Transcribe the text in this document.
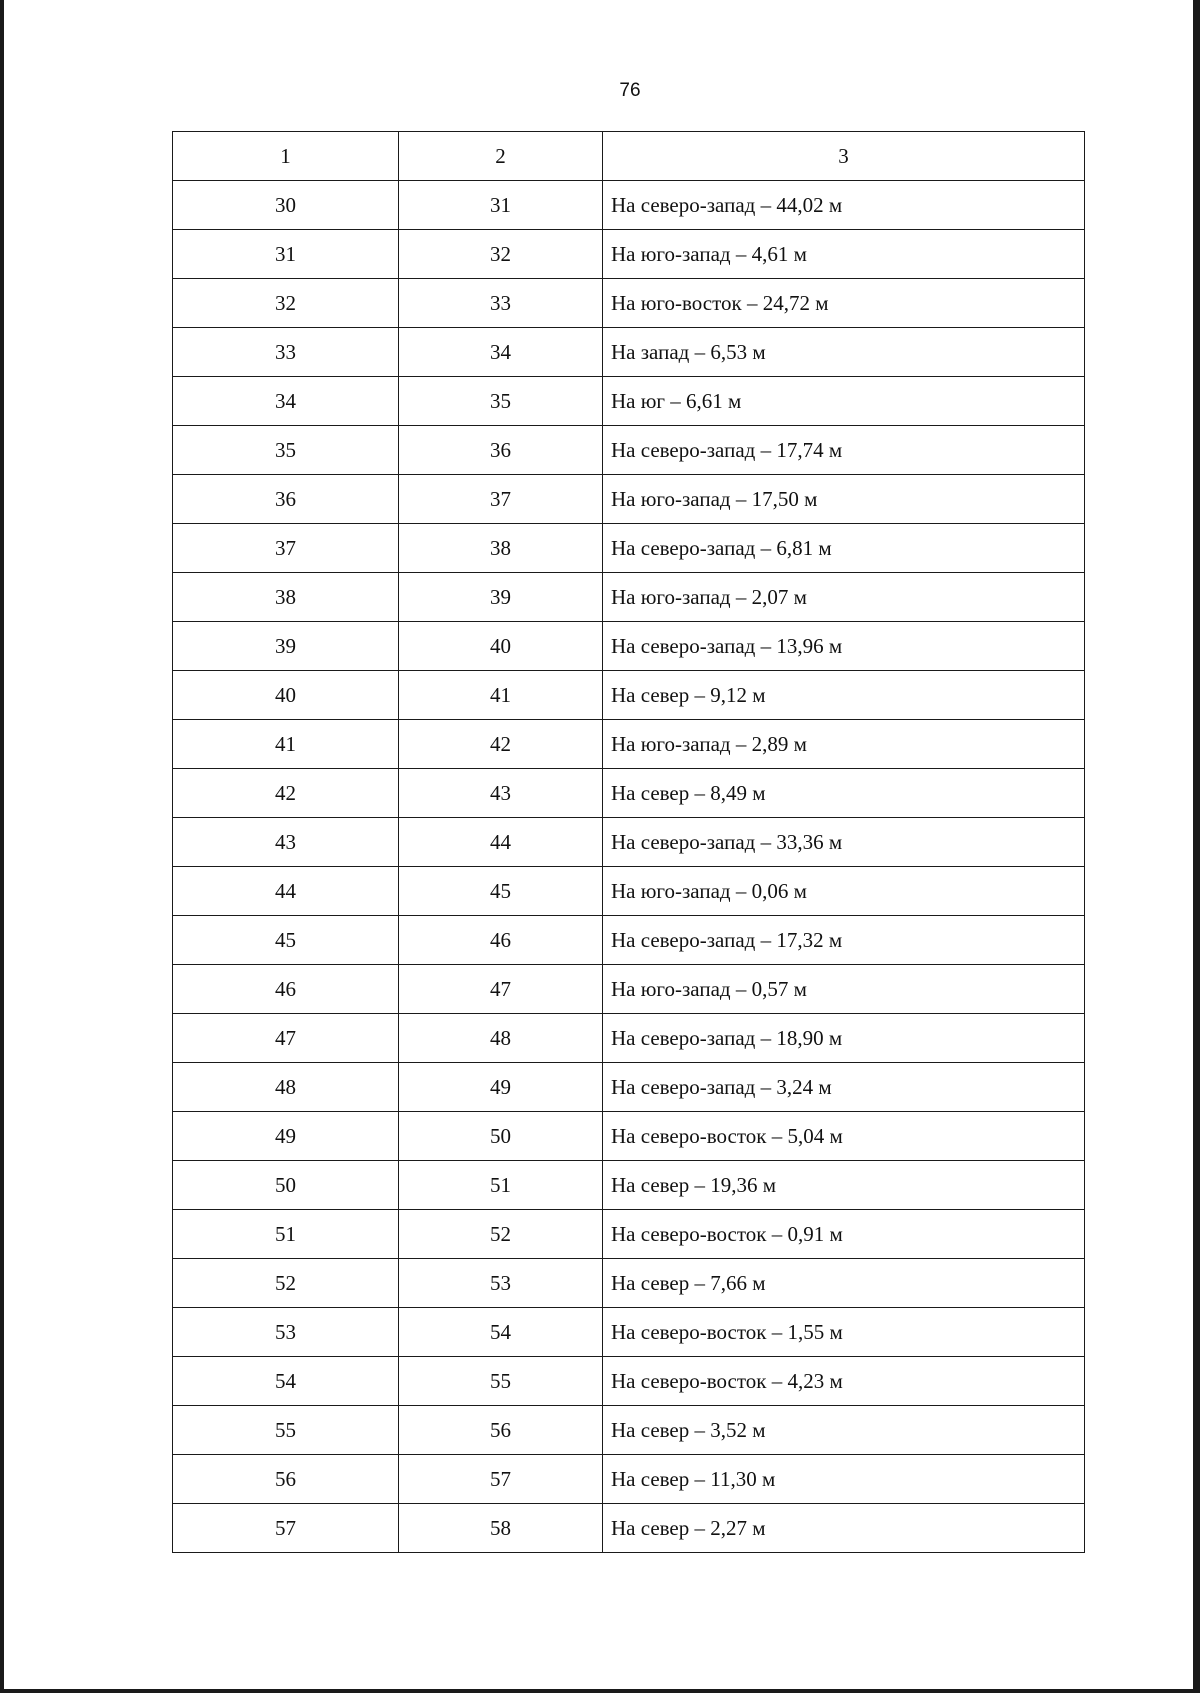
76
1	2	3
30	31	На северо-запад – 44,02 м
31	32	На юго-запад – 4,61 м
32	33	На юго-восток – 24,72 м
33	34	На запад – 6,53 м
34	35	На юг – 6,61 м
35	36	На северо-запад – 17,74 м
36	37	На юго-запад – 17,50 м
37	38	На северо-запад – 6,81 м
38	39	На юго-запад – 2,07 м
39	40	На северо-запад – 13,96 м
40	41	На север – 9,12 м
41	42	На юго-запад – 2,89 м
42	43	На север – 8,49 м
43	44	На северо-запад – 33,36 м
44	45	На юго-запад – 0,06 м
45	46	На северо-запад – 17,32 м
46	47	На юго-запад – 0,57 м
47	48	На северо-запад – 18,90 м
48	49	На северо-запад – 3,24 м
49	50	На северо-восток – 5,04 м
50	51	На север – 19,36 м
51	52	На северо-восток – 0,91 м
52	53	На север – 7,66 м
53	54	На северо-восток – 1,55 м
54	55	На северо-восток – 4,23 м
55	56	На север – 3,52 м
56	57	На север – 11,30 м
57	58	На север – 2,27 м
